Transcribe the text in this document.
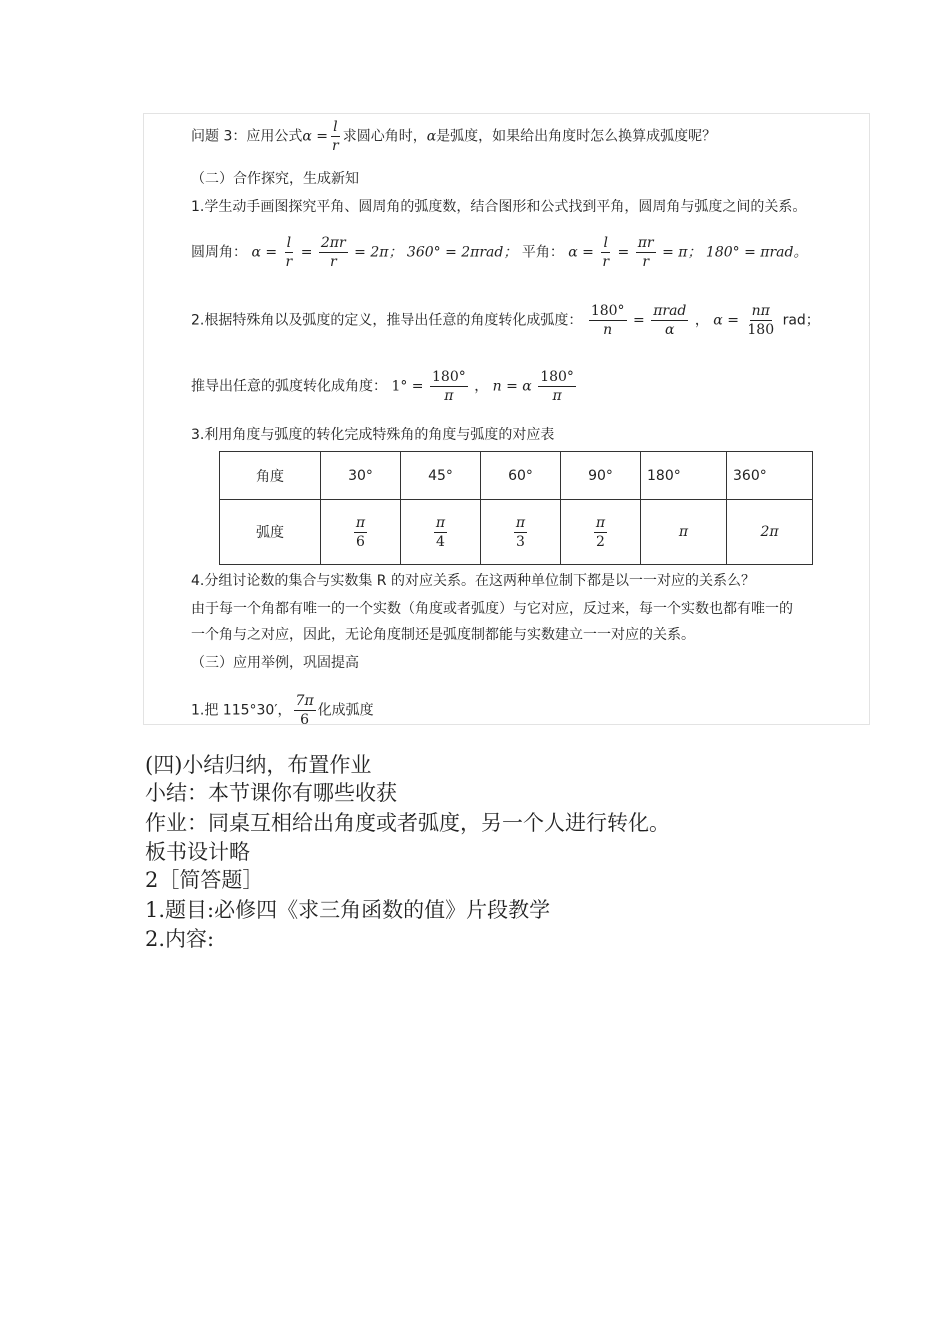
问题 3：应用公式$\alpha = \frac{l}{r}$ 求圆心角时，α是弧度，如果给出角度时怎么换算成弧度呢？
（二）合作探究，生成新知
1.学生动手画图探究平角、圆周角的弧度数，结合图形和公式找到平角，圆周角与弧度之间的关系。
圆周角： $\alpha = \frac{l}{r} = \frac{2\pi r}{r} = 2\pi$； 360° = 2πrad； 平角： $\alpha = \frac{l}{r} = \frac{\pi r}{r} = \pi$； 180° = πrad。
2.根据特殊角以及弧度的定义，推导出任意的角度转化成弧度： $\frac{180^\circ}{n} = \frac{\text{πrad}}{\alpha}$ ， $\alpha = \frac{n\pi}{180}$ rad；
推导出任意的弧度转化成角度： $1^\circ = \frac{180^\circ}{\pi}$ ， n = α $\frac{180^\circ}{\pi}$
3.利用角度与弧度的转化完成特殊角的角度与弧度的对应表
角度	30°	45°	60°	90°	180°	360°
弧度	$\frac{\pi}{6}$	$\frac{\pi}{4}$	$\frac{\pi}{3}$	$\frac{\pi}{2}$	π	2π
4.分组讨论数的集合与实数集 R 的对应关系。在这两种单位制下都是以一一对应的关系么？
由于每一个角都有唯一的一个实数（角度或者弧度）与它对应，反过来，每一个实数也都有唯一的
一个角与之对应，因此，无论角度制还是弧度制都能与实数建立一一对应的关系。
（三）应用举例，巩固提高
1.把 115°30′， $\frac{7\pi}{6}$ 化成弧度
(四)小结归纳，布置作业
小结：本节课你有哪些收获
作业：同桌互相给出角度或者弧度，另一个人进行转化。
板书设计略
2［简答题］
1.题目:必修四《求三角函数的值》片段教学
2.内容:
